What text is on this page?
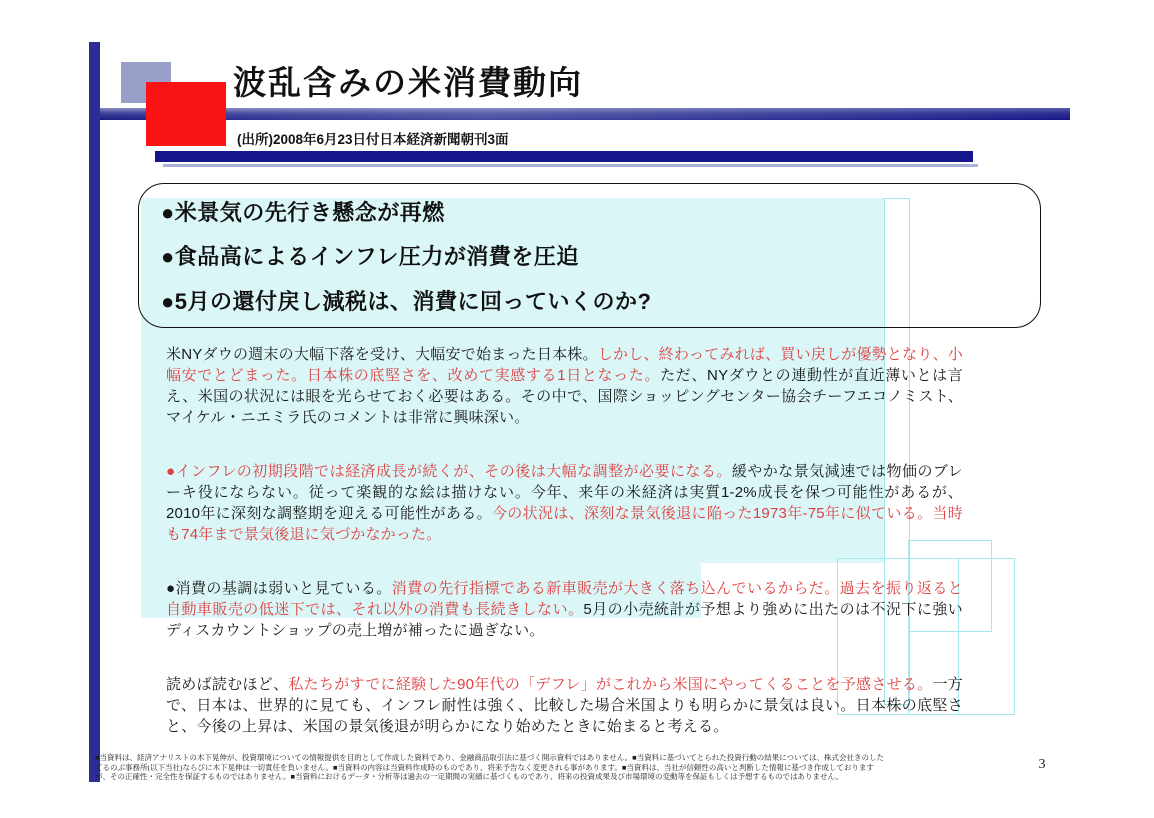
波乱含みの米消費動向
(出所)2008年6月23日付日本経済新聞朝刊3面
●米景気の先行き懸念が再燃
●食品高によるインフレ圧力が消費を圧迫
●5月の還付戻し減税は、消費に回っていくのか?

米NYダウの週末の大幅下落を受け、大幅安で始まった日本株。しかし、終わってみれば、買い戻しが優勢となり、小幅安でとどまった。日本株の底堅さを、改めて実感する1日となった。ただ、NYダウとの連動性が直近薄いとは言え、米国の状況には眼を光らせておく必要はある。その中で、国際ショッピングセンター協会チーフエコノミスト、マイケル・ニエミラ氏のコメントは非常に興味深い。

●インフレの初期段階では経済成長が続くが、その後は大幅な調整が必要になる。緩やかな景気減速では物価のブレーキ役にならない。従って楽観的な絵は描けない。今年、来年の米経済は実質1-2%成長を保つ可能性があるが、2010年に深刻な調整期を迎える可能性がある。今の状況は、深刻な景気後退に陥った1973年-75年に似ている。当時も74年まで景気後退に気づかなかった。

●消費の基調は弱いと見ている。消費の先行指標である新車販売が大きく落ち込んでいるからだ。過去を振り返ると自動車販売の低迷下では、それ以外の消費も長続きしない。5月の小売統計が予想より強めに出たのは不況下に強いディスカウントショップの売上増が補ったに過ぎない。

読めば読むほど、私たちがすでに経験した90年代の「デフレ」がこれから米国にやってくることを予感させる。一方で、日本は、世界的に見ても、インフレ耐性は強く、比較した場合米国よりも明らかに景気は良い。日本株の底堅さと、今後の上昇は、米国の景気後退が明らかになり始めたときに始まると考える。

■当資料は、経済アナリストの木下晃伸が、投資環境についての情報提供を目的として作成した資料であり、金融商品取引法に基づく開示資料ではありません。■当資料に基づいてとられた投資行動の結果については、株式会社きのした
てるのぶ事務所(以下当社)ならびに木下晃伸は一切責任を負いません。■当資料の内容は当資料作成時のものであり、将来予告なく変更される事があります。■当資料は、当社が信頼性の高いと判断した情報に基づき作成しております
が、その正確性・完全性を保証するものではありません。■当資料におけるデータ・分析等は過去の一定期間の実績に基づくものであり、将来の投資成果及び市場環境の変動等を保証もしくは予想するものではありません。
3
